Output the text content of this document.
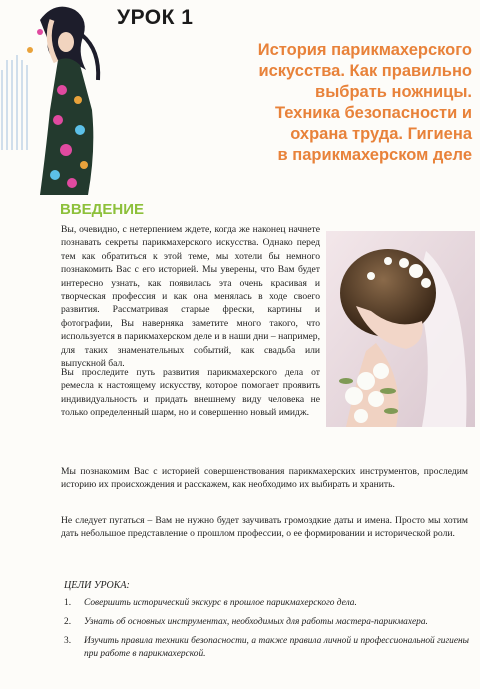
УРОК 1
История парикмахерского
искусства. Как правильно
выбрать ножницы.
Техника безопасности и
охрана труда. Гигиена
в парикмахерском деле
ВВЕДЕНИЕ

Вы, очевидно, с нетерпением ждете, когда же наконец начнете познавать секреты парикмахерского искусства. Однако перед тем как обратиться к этой теме, мы хотели бы немного познакомить Вас с его историей. Мы уверены, что Вам будет интересно узнать, как появилась эта очень красивая и творческая профессия и как она менялась в ходе своего развития. Рассматривая старые фрески, картины и фотографии, Вы наверняка заметите много такого, что используется в парикмахерском деле и в наши дни – например, для таких знаменательных событий, как свадьба или выпускной бал.

Вы проследите путь развития парикмахерского дела от ремесла к настоящему искусству, которое помогает проявить индивидуальность и придать внешнему виду человека не только определенный шарм, но и совершенно новый имидж.

Мы познакомим Вас с историей совершенствования парикмахерских инструментов, проследим историю их происхождения и расскажем, как необходимо их выбирать и хранить.

Не следует пугаться – Вам не нужно будет заучивать громоздкие даты и имена. Просто мы хотим дать небольшое представление о прошлом профессии, о ее формировании и исторической роли.

ЦЕЛИ УРОКА:
1. Совершить исторический экскурс в прошлое парикмахерского дела.
2. Узнать об основных инструментах, необходимых для работы мастера-парикмахера.
3. Изучить правила техники безопасности, а также правила личной и профессиональной гигиены при работе в парикмахерской.
